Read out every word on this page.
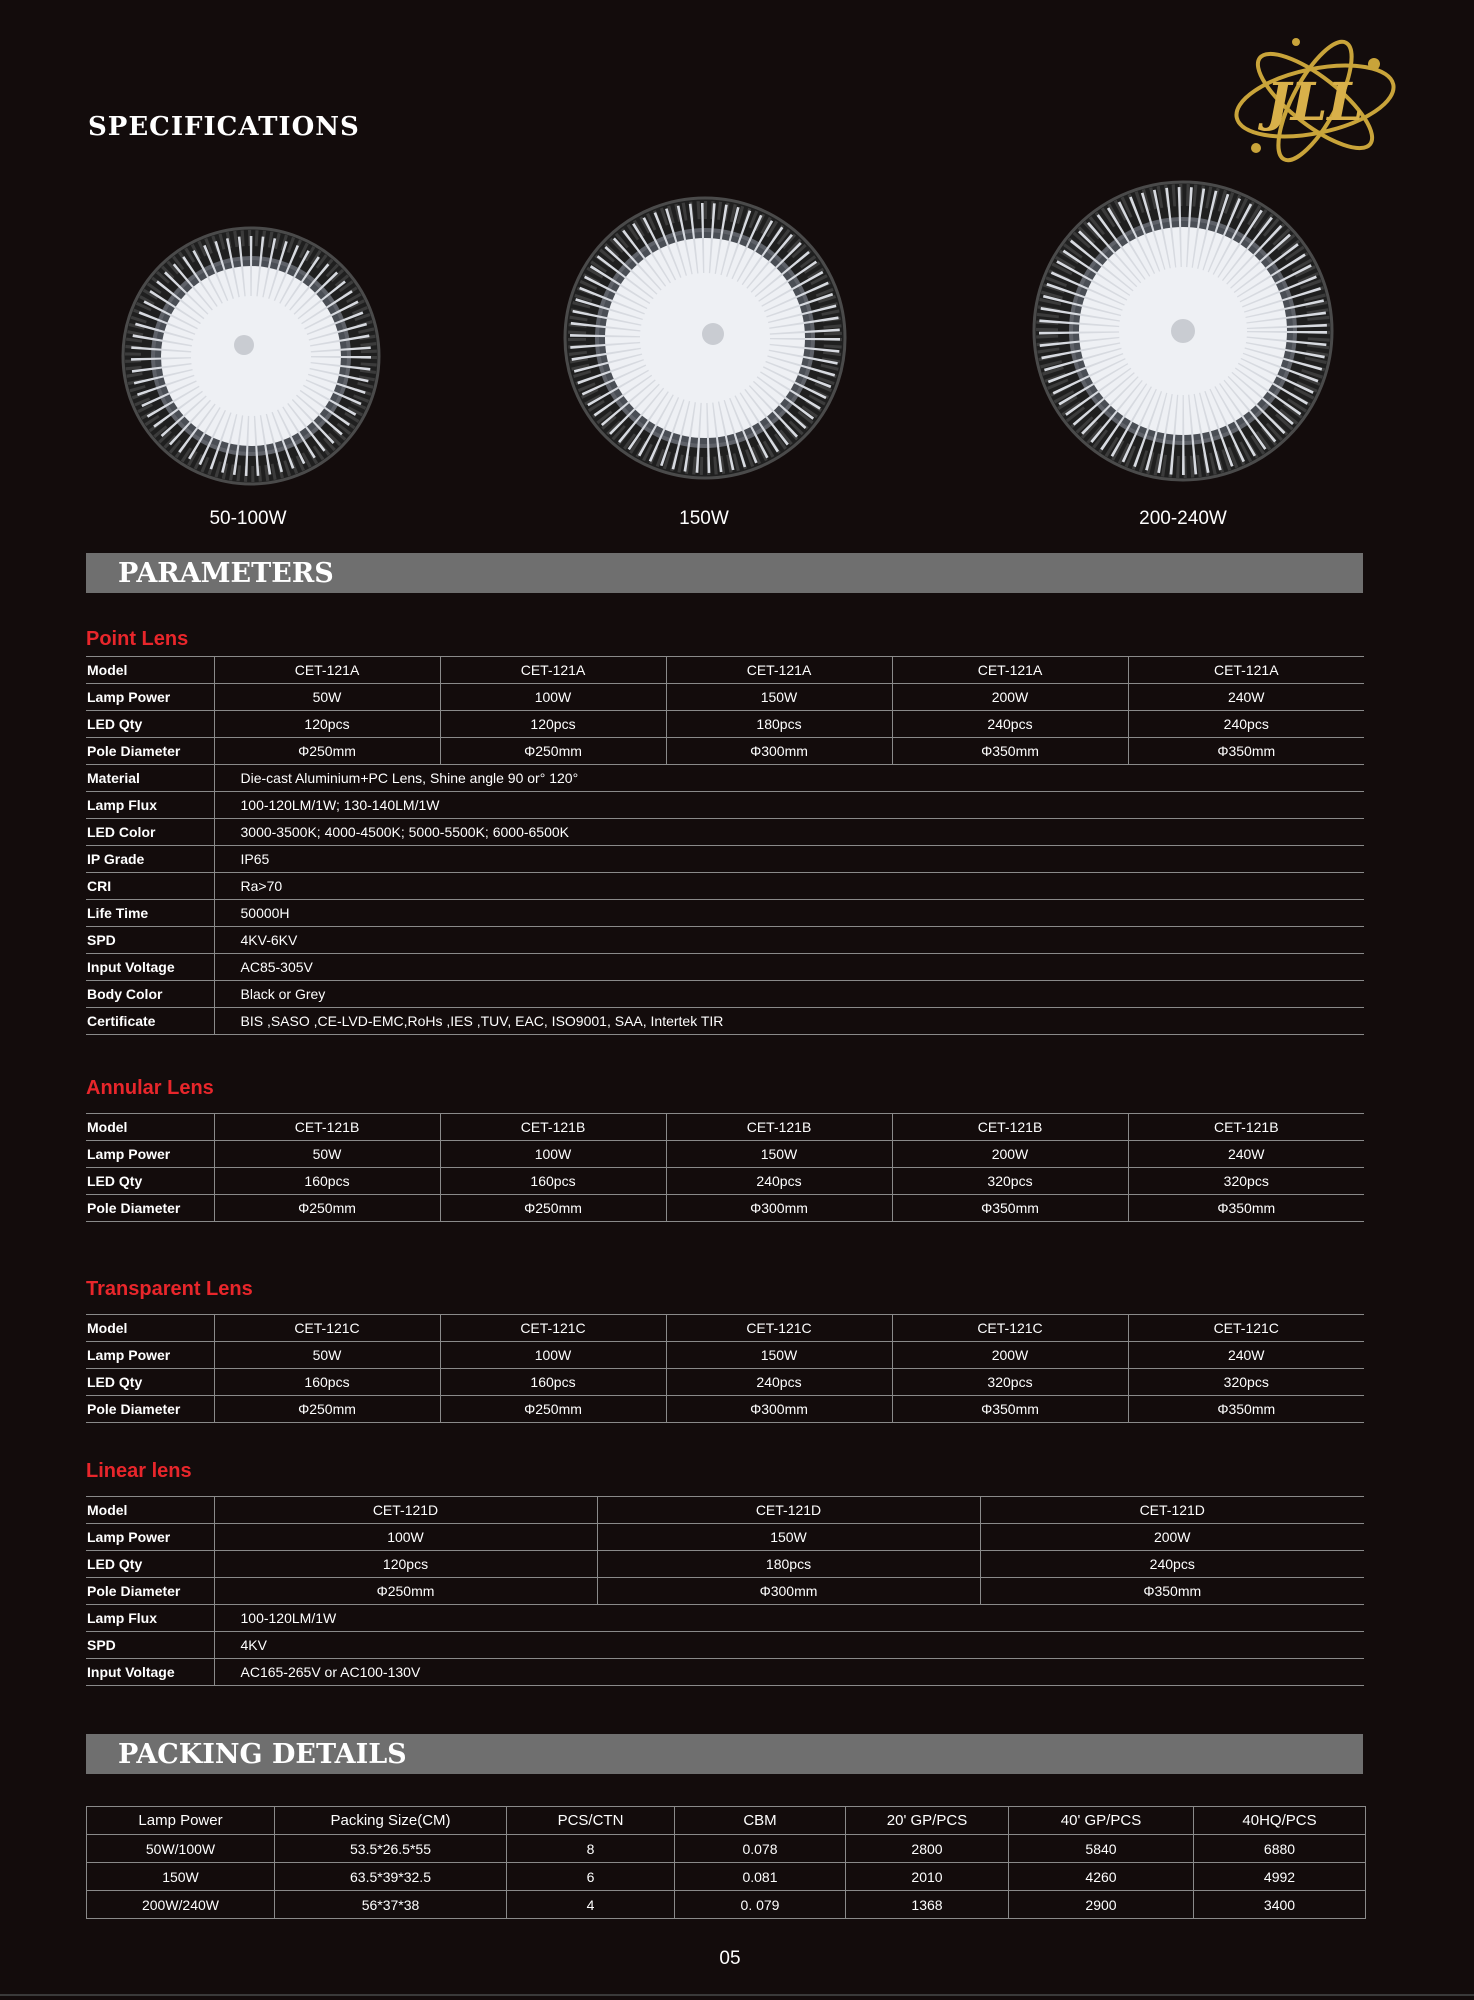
SPECIFICATIONS	JLL
50-100W	150W	200-240W
PARAMETERS
Point Lens
Model	CET-121A	CET-121A	CET-121A	CET-121A	CET-121A
Lamp Power	50W	100W	150W	200W	240W
LED Qty	120pcs	120pcs	180pcs	240pcs	240pcs
Pole Diameter	Φ250mm	Φ250mm	Φ300mm	Φ350mm	Φ350mm
Material	Die-cast Aluminium+PC Lens, Shine angle 90 or° 120°				
Lamp Flux	100-120LM/1W; 130-140LM/1W				
LED Color	3000-3500K; 4000-4500K; 5000-5500K; 6000-6500K				
IP Grade	IP65				
CRI	Ra>70				
Life Time	50000H				
SPD	4KV-6KV				
Input Voltage	AC85-305V				
Body Color	Black or Grey				
Certificate	BIS ,SASO ,CE-LVD-EMC,RoHs ,IES ,TUV, EAC, ISO9001, SAA, Intertek TIR				
Annular Lens
Model	CET-121B	CET-121B	CET-121B	CET-121B	CET-121B
Lamp Power	50W	100W	150W	200W	240W
LED Qty	160pcs	160pcs	240pcs	320pcs	320pcs
Pole Diameter	Φ250mm	Φ250mm	Φ300mm	Φ350mm	Φ350mm
Transparent Lens
Model	CET-121C	CET-121C	CET-121C	CET-121C	CET-121C
Lamp Power	50W	100W	150W	200W	240W
LED Qty	160pcs	160pcs	240pcs	320pcs	320pcs
Pole Diameter	Φ250mm	Φ250mm	Φ300mm	Φ350mm	Φ350mm
Linear lens
Model	CET-121D	CET-121D	CET-121D
Lamp Power	100W	150W	200W
LED Qty	120pcs	180pcs	240pcs
Pole Diameter	Φ250mm	Φ300mm	Φ350mm
Lamp Flux	100-120LM/1W		
SPD	4KV		
Input Voltage	AC165-265V or AC100-130V		
PACKING DETAILS
Lamp Power	Packing Size(CM)	PCS/CTN	CBM	20' GP/PCS	40' GP/PCS	40HQ/PCS
50W/100W	53.5*26.5*55	8	0.078	2800	5840	6880
150W	63.5*39*32.5	6	0.081	2010	4260	4992
200W/240W	56*37*38	4	0. 079	1368	2900	3400
05
